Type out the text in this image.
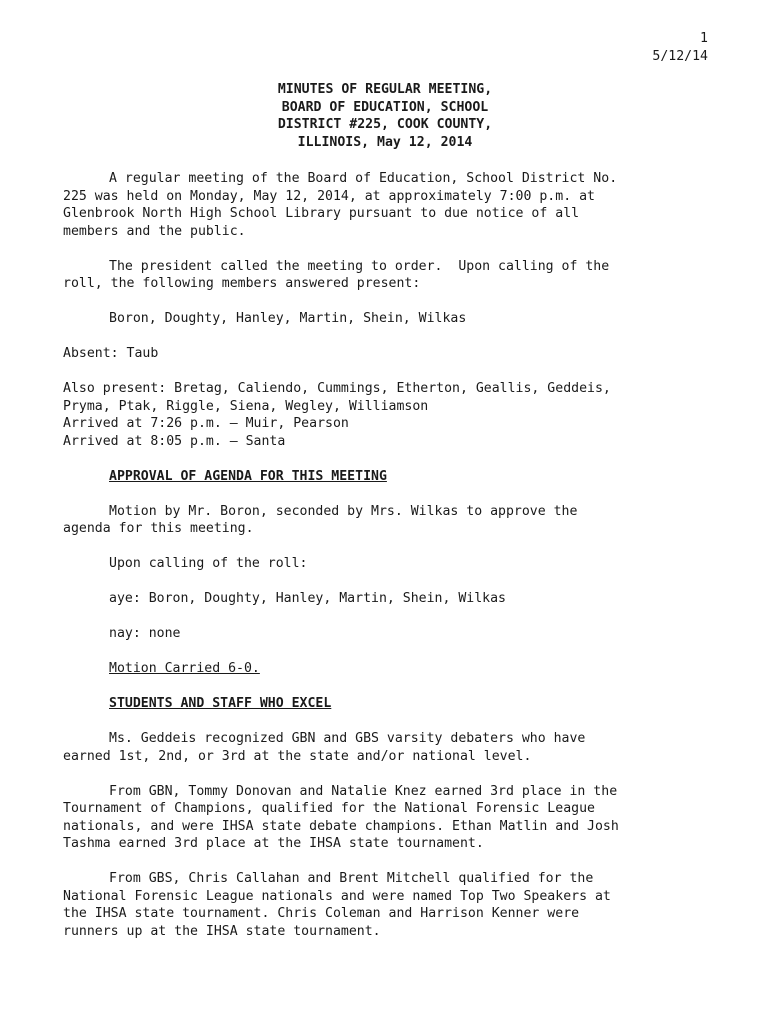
1
5/12/14
MINUTES OF REGULAR MEETING,
BOARD OF EDUCATION, SCHOOL
DISTRICT #225, COOK COUNTY,
ILLINOIS, May 12, 2014
A regular meeting of the Board of Education, School District No.
225 was held on Monday, May 12, 2014, at approximately 7:00 p.m. at
Glenbrook North High School Library pursuant to due notice of all
members and the public.
The president called the meeting to order.  Upon calling of the
roll, the following members answered present:
Boron, Doughty, Hanley, Martin, Shein, Wilkas
Absent: Taub
Also present: Bretag, Caliendo, Cummings, Etherton, Geallis, Geddeis,
Pryma, Ptak, Riggle, Siena, Wegley, Williamson
Arrived at 7:26 p.m. – Muir, Pearson
Arrived at 8:05 p.m. – Santa
APPROVAL OF AGENDA FOR THIS MEETING
Motion by Mr. Boron, seconded by Mrs. Wilkas to approve the
agenda for this meeting.
Upon calling of the roll:
aye: Boron, Doughty, Hanley, Martin, Shein, Wilkas
nay: none
Motion Carried 6-0.
STUDENTS AND STAFF WHO EXCEL
Ms. Geddeis recognized GBN and GBS varsity debaters who have
earned 1st, 2nd, or 3rd at the state and/or national level.
From GBN, Tommy Donovan and Natalie Knez earned 3rd place in the
Tournament of Champions, qualified for the National Forensic League
nationals, and were IHSA state debate champions. Ethan Matlin and Josh
Tashma earned 3rd place at the IHSA state tournament.
From GBS, Chris Callahan and Brent Mitchell qualified for the
National Forensic League nationals and were named Top Two Speakers at
the IHSA state tournament. Chris Coleman and Harrison Kenner were
runners up at the IHSA state tournament.
